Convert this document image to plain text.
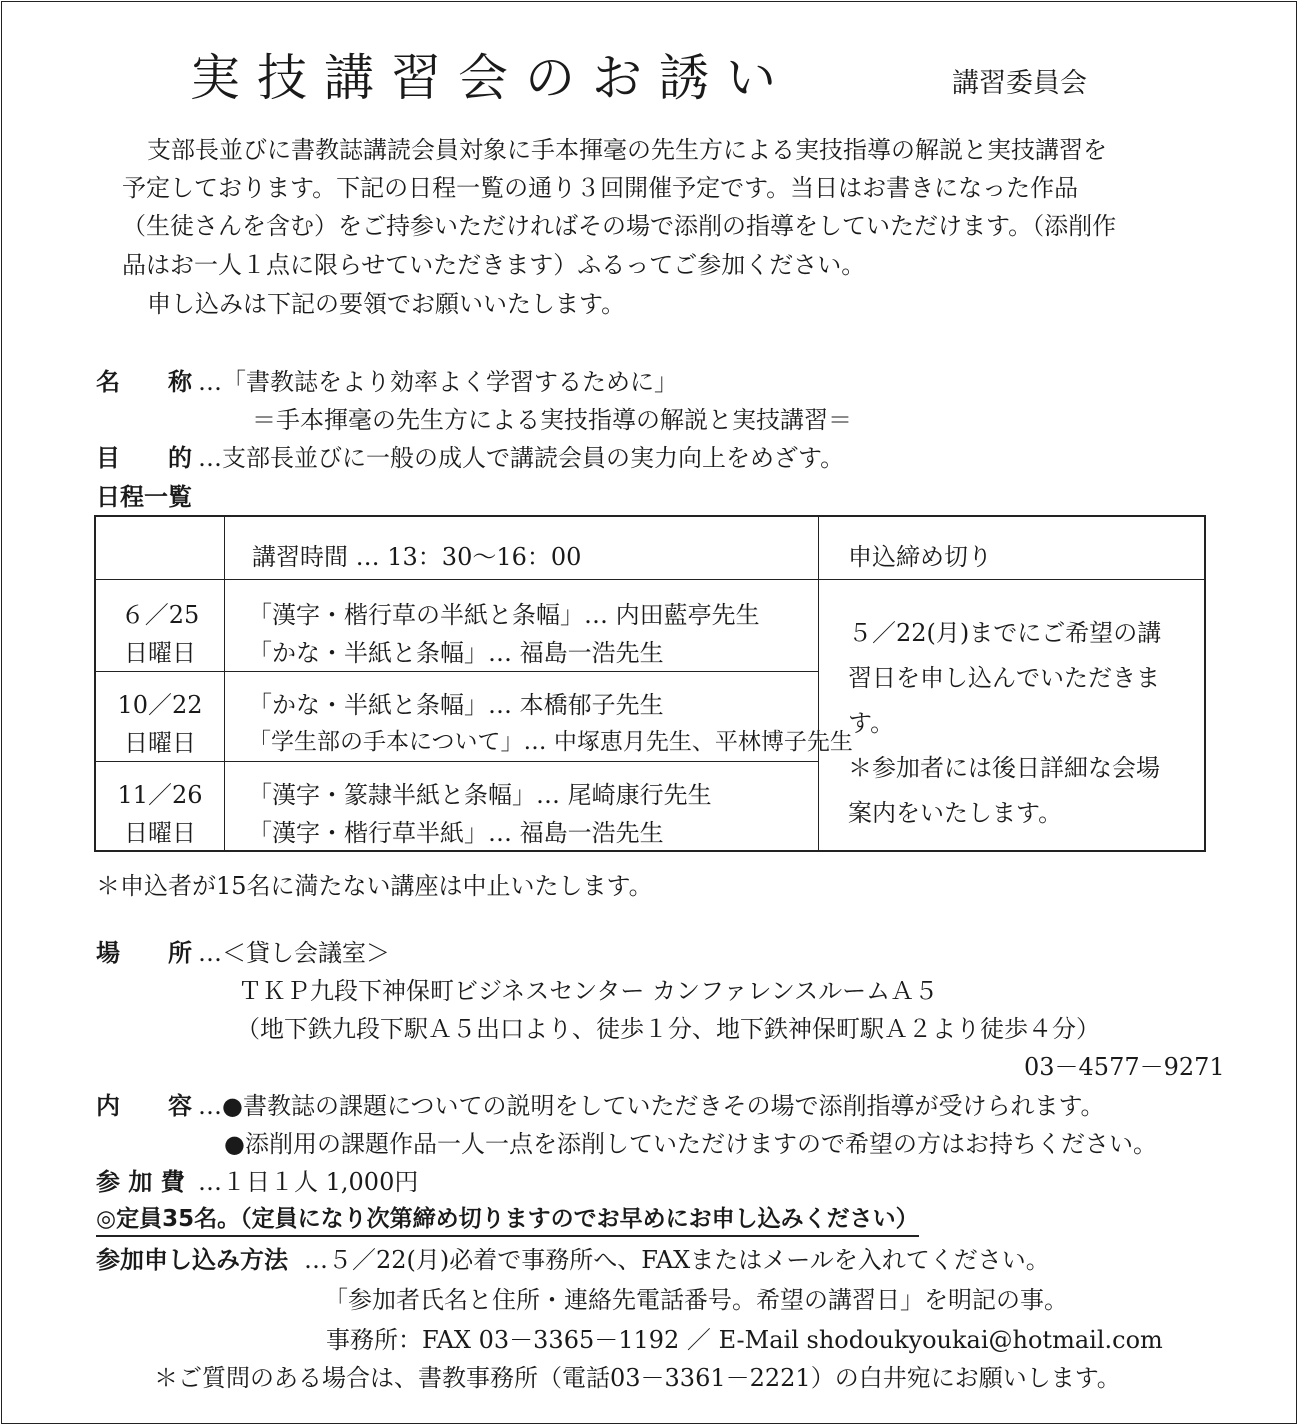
実技講習会のお誘い	講習委員会
支部長並びに書教誌講読会員対象に手本揮毫の先生方による実技指導の解説と実技講習を
予定しております。下記の日程一覧の通り３回開催予定です。当日はお書きになった作品
（生徒さんを含む）をご持参いただければその場で添削の指導をしていただけます。（添削作
品はお一人１点に限らせていただきます）ふるってご参加ください。
申し込みは下記の要領でお願いいたします。
名　　称 …「書教誌をより効率よく学習するために」
＝手本揮毫の先生方による実技指導の解説と実技講習＝
目　　的 …支部長並びに一般の成人で講読会員の実力向上をめざす。
日程一覧
講習時間 … 13：30〜16：00	申込締め切り
６／25
日曜日
「漢字・楷行草の半紙と条幅」… 内田藍亭先生
「かな・半紙と条幅」… 福島一浩先生
10／22
日曜日
「かな・半紙と条幅」… 本橋郁子先生
「学生部の手本について」… 中塚恵月先生、平林博子先生
11／26
日曜日
「漢字・篆隷半紙と条幅」… 尾崎康行先生
「漢字・楷行草半紙」… 福島一浩先生
５／22(月)までにご希望の講
習日を申し込んでいただきま
す。
＊参加者には後日詳細な会場
案内をいたします。
＊申込者が15名に満たない講座は中止いたします。
場　　所 …＜貸し会議室＞
ＴＫＰ九段下神保町ビジネスセンター カンファレンスルームＡ５
（地下鉄九段下駅Ａ５出口より、徒歩１分、地下鉄神保町駅Ａ２より徒歩４分）
03－4577－9271
内　　容 …●書教誌の課題についての説明をしていただきその場で添削指導が受けられます。
●添削用の課題作品一人一点を添削していただけますので希望の方はお持ちください。
参 加 費 …１日１人 1,000円
◎定員35名。（定員になり次第締め切りますのでお早めにお申し込みください）
参加申し込み方法 …５／22(月)必着で事務所へ、FAXまたはメールを入れてください。
「参加者氏名と住所・連絡先電話番号。希望の講習日」を明記の事。
事務所：FAX 03－3365－1192 ／ E-Mail shodoukyoukai@hotmail.com
＊ご質問のある場合は、書教事務所（電話03－3361－2221）の白井宛にお願いします。
